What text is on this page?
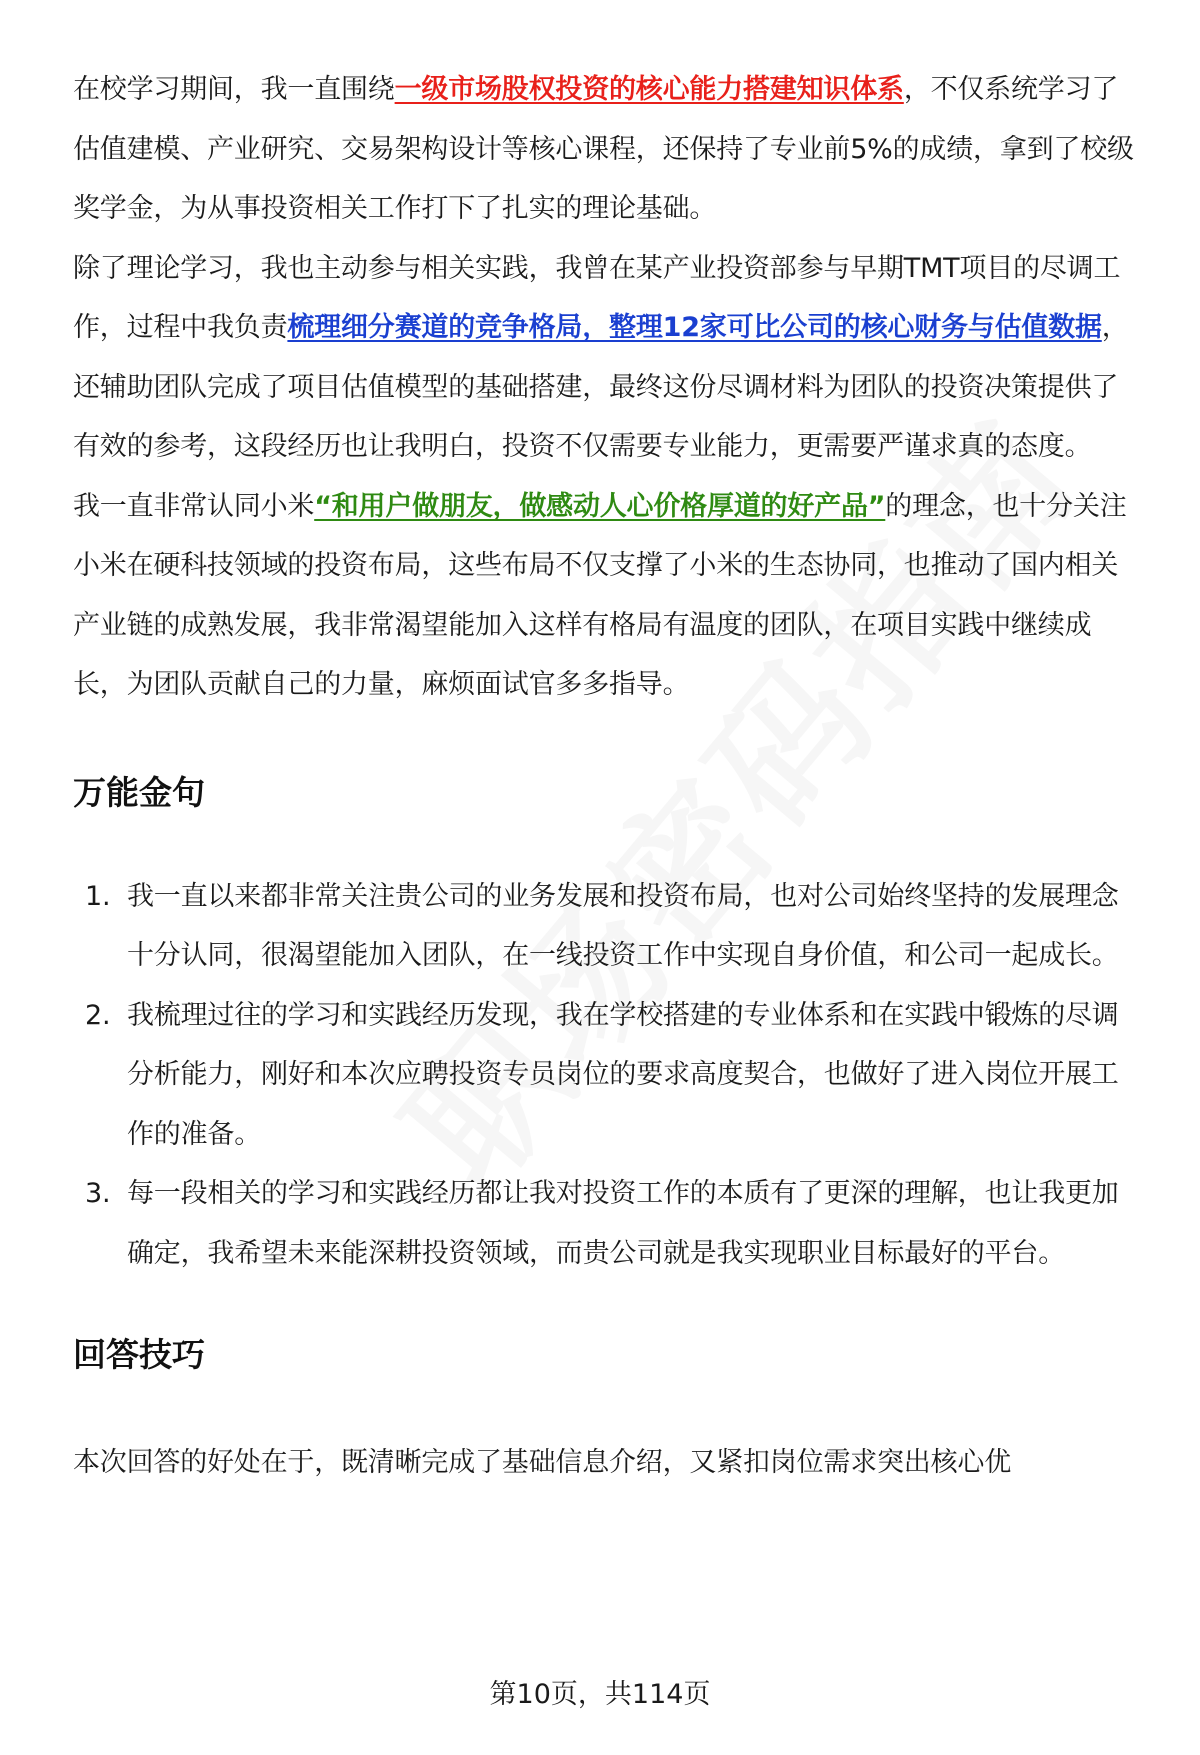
在校学习期间，我一直围绕一级市场股权投资的核心能力搭建知识体系，不仅系统学习了估值建模、产业研究、交易架构设计等核心课程，还保持了专业前5%的成绩，拿到了校级奖学金，为从事投资相关工作打下了扎实的理论基础。

除了理论学习，我也主动参与相关实践，我曾在某产业投资部参与早期TMT项目的尽调工作，过程中我负责梳理细分赛道的竞争格局，整理12家可比公司的核心财务与估值数据，还辅助团队完成了项目估值模型的基础搭建，最终这份尽调材料为团队的投资决策提供了有效的参考，这段经历也让我明白，投资不仅需要专业能力，更需要严谨求真的态度。

我一直非常认同小米“和用户做朋友，做感动人心价格厚道的好产品”的理念，也十分关注小米在硬科技领域的投资布局，这些布局不仅支撑了小米的生态协同，也推动了国内相关产业链的成熟发展，我非常渴望能加入这样有格局有温度的团队，在项目实践中继续成长，为团队贡献自己的力量，麻烦面试官多多指导。

万能金句
1. 我一直以来都非常关注贵公司的业务发展和投资布局，也对公司始终坚持的发展理念十分认同，很渴望能加入团队，在一线投资工作中实现自身价值，和公司一起成长。
2. 我梳理过往的学习和实践经历发现，我在学校搭建的专业体系和在实践中锻炼的尽调分析能力，刚好和本次应聘投资专员岗位的要求高度契合，也做好了进入岗位开展工作的准备。
3. 每一段相关的学习和实践经历都让我对投资工作的本质有了更深的理解，也让我更加确定，我希望未来能深耕投资领域，而贵公司就是我实现职业目标最好的平台。
回答技巧

本次回答的好处在于，既清晰完成了基础信息介绍，又紧扣岗位需求突出核心优

第10页，共114页
